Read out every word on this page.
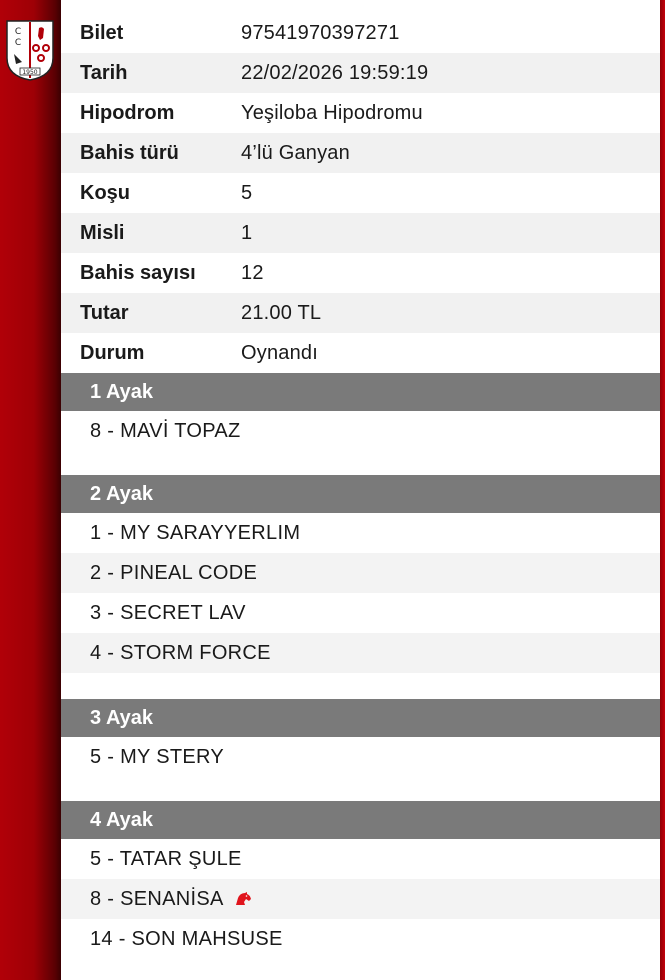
C
C
1950
Bilet	97541970397271
Tarih	22/02/2026 19:59:19
Hipodrom	Yeşiloba Hipodromu
Bahis türü	4’lü Ganyan
Koşu	5
Misli	1
Bahis sayısı	12
Tutar	21.00 TL
Durum	Oynandı
1 Ayak
8 - MAVİ TOPAZ
2 Ayak
1 - MY SARAYYERLIM
2 - PINEAL CODE
3 - SECRET LAV
4 - STORM FORCE
3 Ayak
5 - MY STERY
4 Ayak
5 - TATAR ŞULE
8 - SENANİSA
14 - SON MAHSUSE
